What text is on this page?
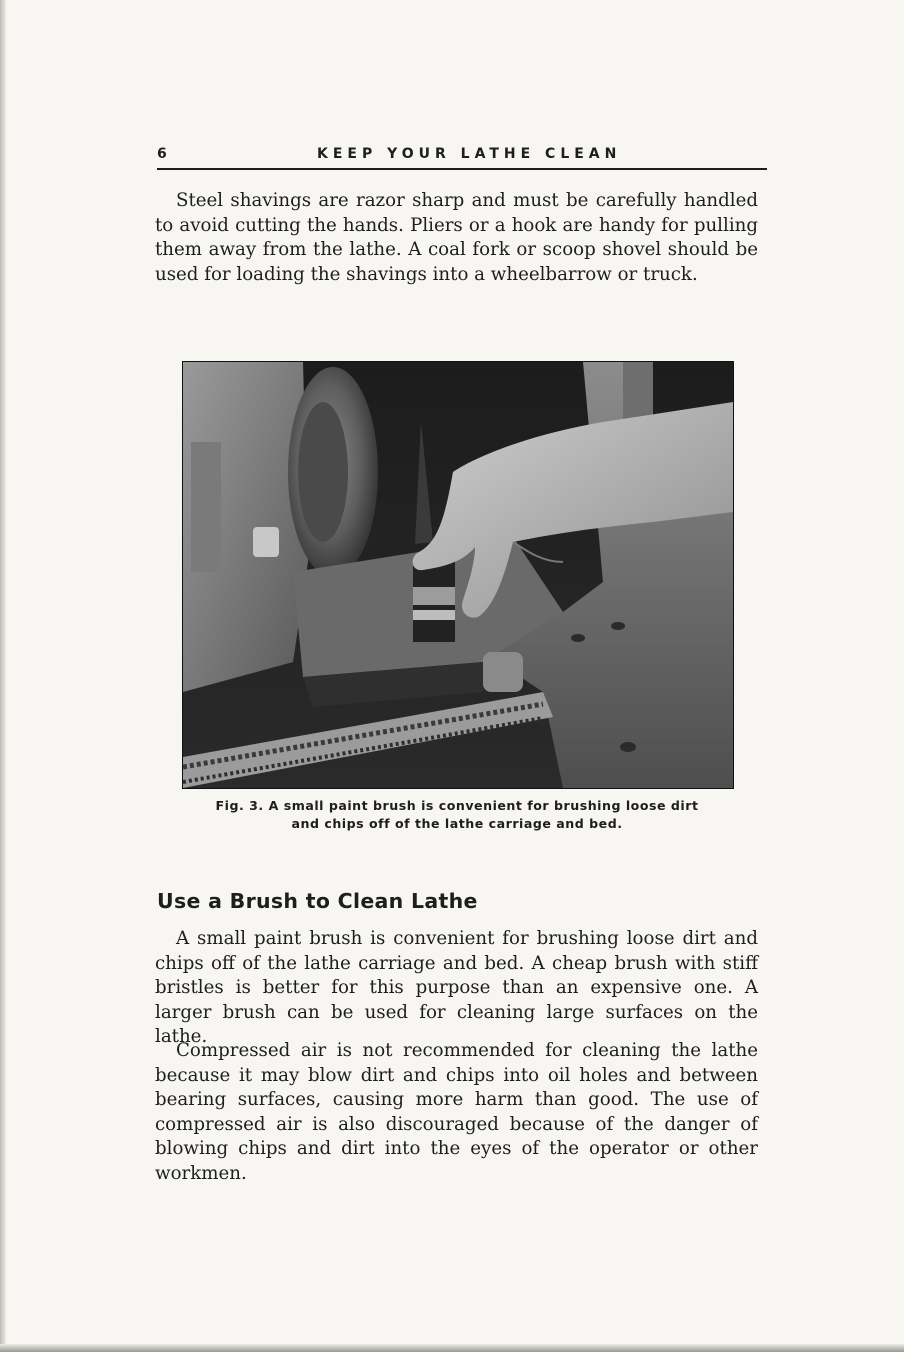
6	KEEP YOUR LATHE CLEAN

Steel shavings are razor sharp and must be carefully handled to avoid cutting the hands. Pliers or a hook are handy for pulling them away from the lathe. A coal fork or scoop shovel should be used for loading the shavings into a wheelbarrow or truck.

Fig. 3. A small paint brush is convenient for brushing loose dirt and chips off of the lathe carriage and bed.

Use a Brush to Clean Lathe

A small paint brush is convenient for brushing loose dirt and chips off of the lathe carriage and bed. A cheap brush with stiff bristles is better for this purpose than an expensive one. A larger brush can be used for cleaning large surfaces on the lathe.

Compressed air is not recommended for cleaning the lathe because it may blow dirt and chips into oil holes and between bearing surfaces, causing more harm than good. The use of compressed air is also discouraged because of the danger of blowing chips and dirt into the eyes of the operator or other workmen.
